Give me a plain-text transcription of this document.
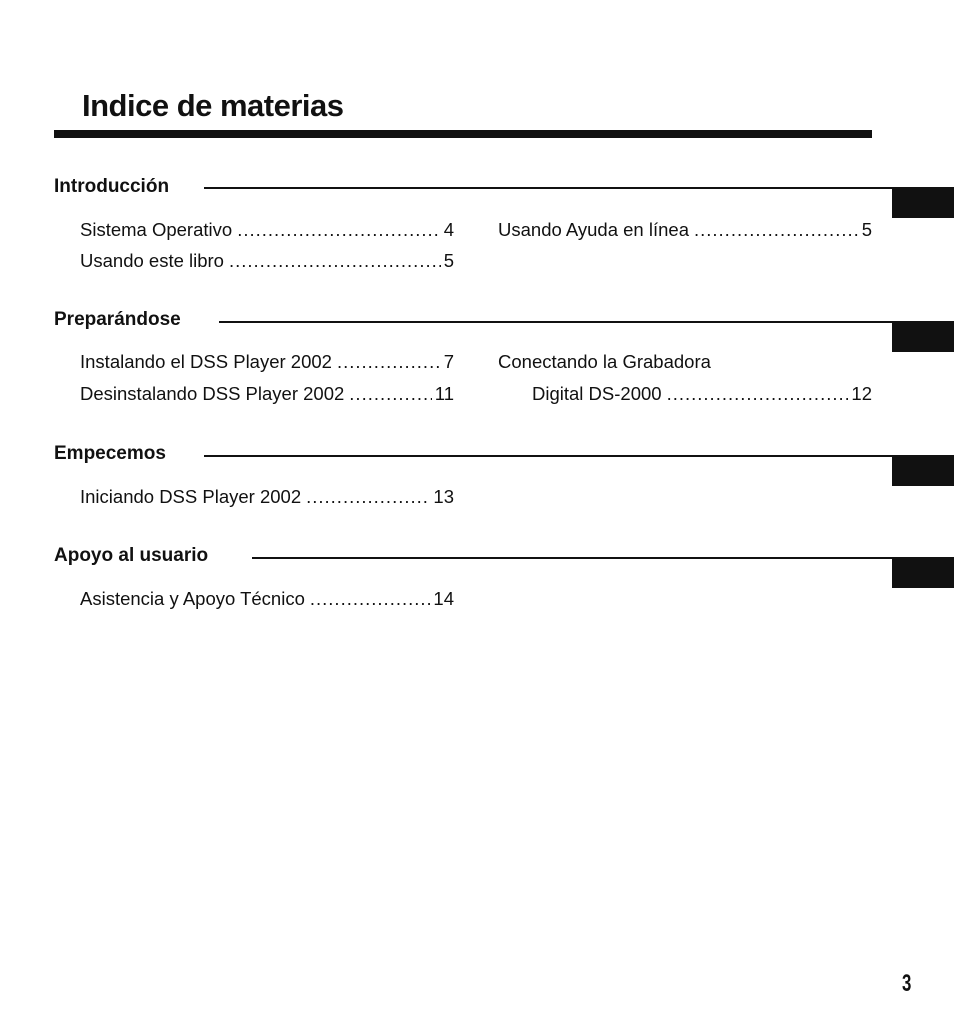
Indice de materias
Introducción
Sistema Operativo .....	4
Usando este libro .....	5
Usando Ayuda en línea .....	5
Preparándose
Instalando el DSS Player 2002 .....	7
Desinstalando DSS Player 2002 .....	11
Conectando la Grabadora
Digital DS-2000 .....	12
Empecemos
Iniciando DSS Player 2002 .....	13
Apoyo al usuario
Asistencia y Apoyo Técnico .....	14
3
